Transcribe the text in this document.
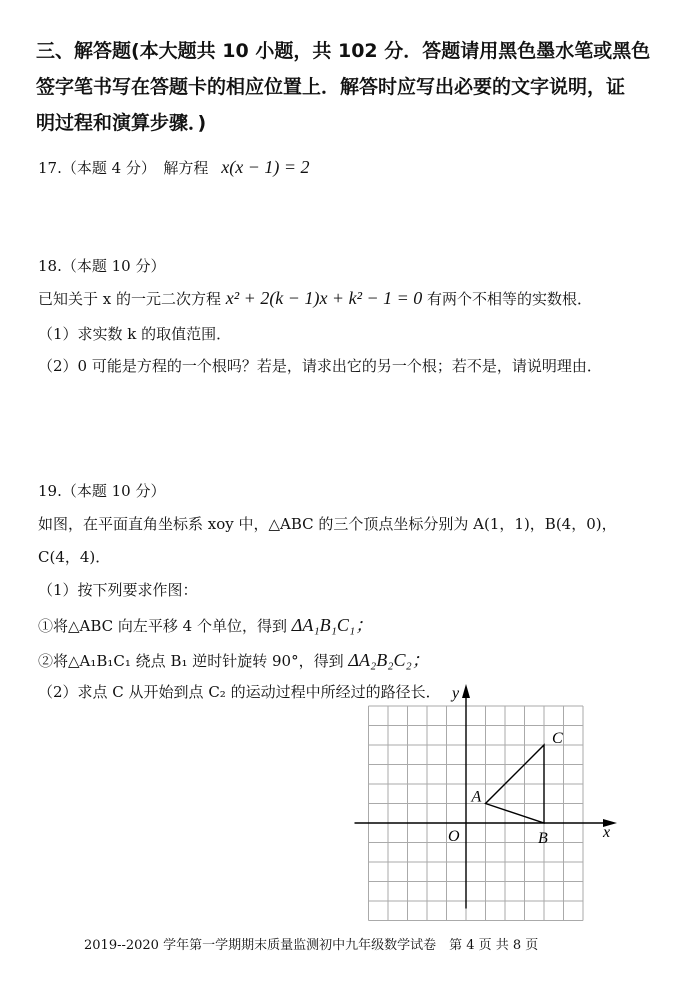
三、解答题(本大题共 10 小题，共 102 分．答题请用黑色墨水笔或黑色
签字笔书写在答题卡的相应位置上．解答时应写出必要的文字说明，证
明过程和演算步骤．)
17.（本题 4 分）　解方程 x(x − 1) = 2
18.（本题 10 分）
已知关于 x 的一元二次方程 x² + 2(k − 1)x + k² − 1 = 0 有两个不相等的实数根．
（1）求实数 k 的取值范围．
（2）0 可能是方程的一个根吗？若是，请求出它的另一个根；若不是，请说明理由．
19.（本题 10 分）
如图，在平面直角坐标系 xoy 中，△ABC 的三个顶点坐标分别为 A(1，1)，B(4，0)，
C(4，4)．
（1）按下列要求作图：
①将△ABC 向左平移 4 个单位，得到 ΔA₁B₁C₁；
②将△A₁B₁C₁ 绕点 B₁ 逆时针旋转 90°，得到 ΔA₂B₂C₂；
（2）求点 C 从开始到点 C₂ 的运动过程中所经过的路径长．
x
y
O
A
B
C
2019--2020 学年第一学期期末质量监测初中九年级数学试卷　第 4 页 共 8 页
